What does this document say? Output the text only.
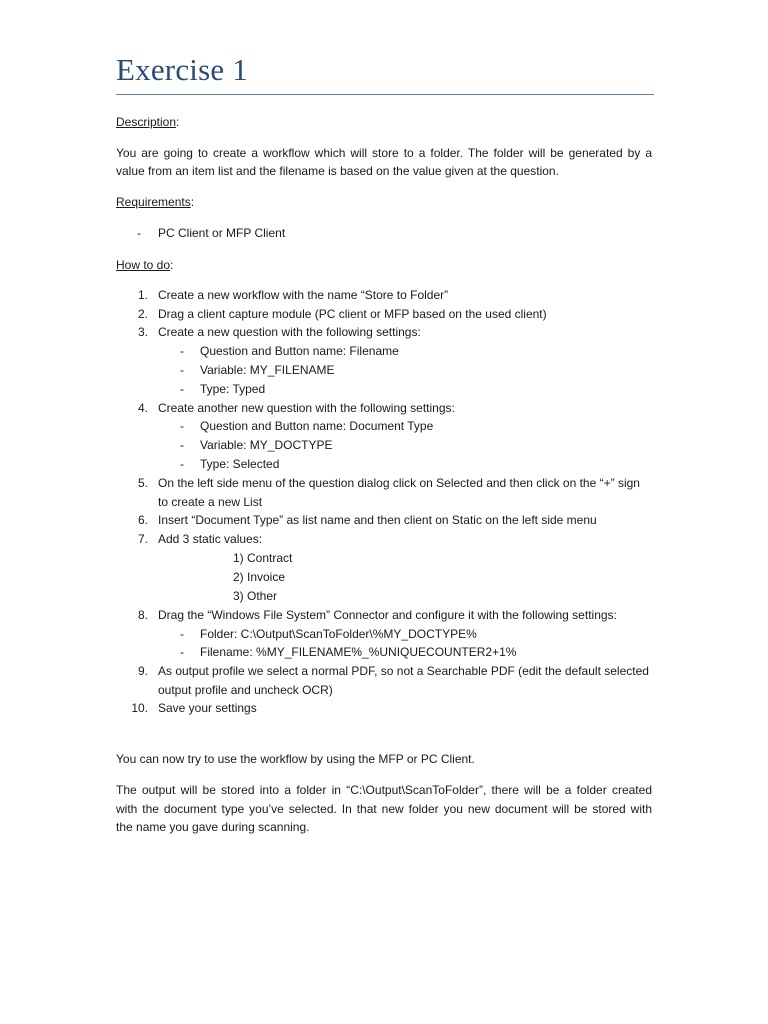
Exercise 1
Description:
You are going to create a workflow which will store to a folder. The folder will be generated by a
value from an item list and the filename is based on the value given at the question.
Requirements:
- PC Client or MFP Client
How to do:
1. Create a new workflow with the name “Store to Folder”
2. Drag a client capture module (PC client or MFP based on the used client)
3. Create a new question with the following settings:
- Question and Button name: Filename
- Variable: MY_FILENAME
- Type: Typed
4. Create another new question with the following settings:
- Question and Button name: Document Type
- Variable: MY_DOCTYPE
- Type: Selected
5. On the left side menu of the question dialog click on Selected and then click on the “+” sign
to create a new List
6. Insert “Document Type” as list name and then client on Static on the left side menu
7. Add 3 static values:
1) Contract
2) Invoice
3) Other
8. Drag the “Windows File System” Connector and configure it with the following settings:
- Folder: C:\Output\ScanToFolder\%MY_DOCTYPE%
- Filename: %MY_FILENAME%_%UNIQUECOUNTER2+1%
9. As output profile we select a normal PDF, so not a Searchable PDF (edit the default selected
output profile and uncheck OCR)
10. Save your settings
You can now try to use the workflow by using the MFP or PC Client.
The output will be stored into a folder in “C:\Output\ScanToFolder”, there will be a folder created
with the document type you’ve selected. In that new folder you new document will be stored with
the name you gave during scanning.
